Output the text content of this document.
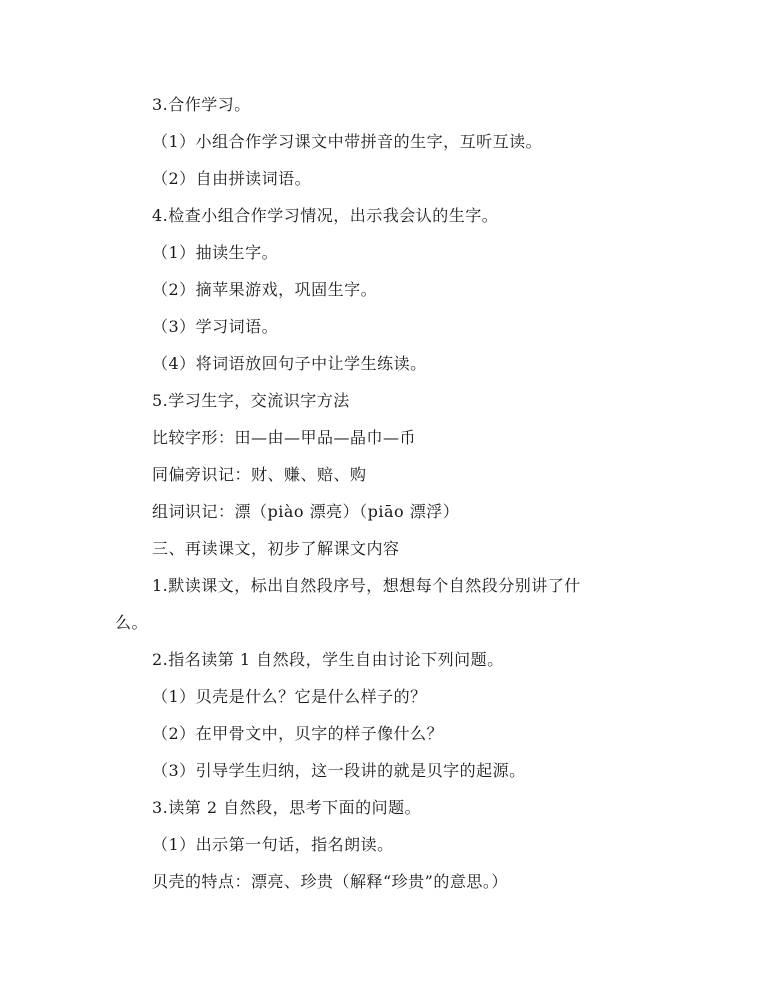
3.合作学习。
（1）小组合作学习课文中带拼音的生字，互听互读。
（2）自由拼读词语。
4.检查小组合作学习情况，出示我会认的生字。
（1）抽读生字。
（2）摘苹果游戏，巩固生字。
（3）学习词语。
（4）将词语放回句子中让学生练读。
5.学习生字，交流识字方法
比较字形：田—由—甲品—晶巾—币
同偏旁识记：财、赚、赔、购
组词识记：漂（piào 漂亮）（piāo 漂浮）
三、再读课文，初步了解课文内容
1.默读课文，标出自然段序号，想想每个自然段分别讲了什
么。
2.指名读第 1 自然段，学生自由讨论下列问题。
（1）贝壳是什么？它是什么样子的？
（2）在甲骨文中，贝字的样子像什么？
（3）引导学生归纳，这一段讲的就是贝字的起源。
3.读第 2 自然段，思考下面的问题。
（1）出示第一句话，指名朗读。
贝壳的特点：漂亮、珍贵（解释“珍贵”的意思。）
